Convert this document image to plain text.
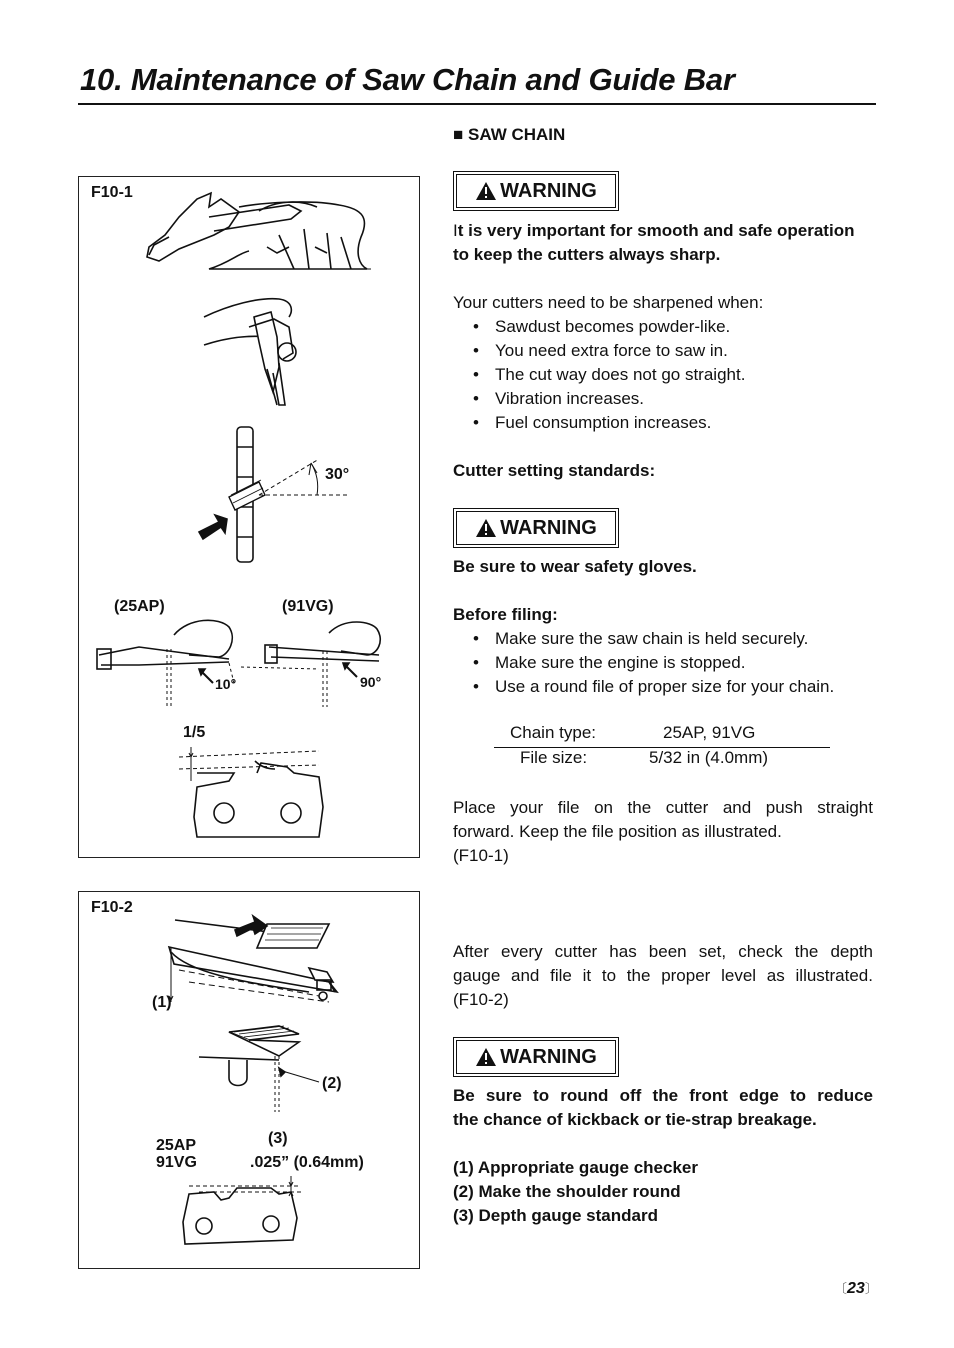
10. Maintenance of Saw Chain and Guide Bar
F10-1
30°
(25AP)	(91VG)
10°	90°
1/5
F10-2
(1)
(2)
(3)
25AP
91VG	.025” (0.64mm)
■ SAW CHAIN
WARNING
It is very important for smooth and safe operation to keep the cutters always sharp.
Your cutters need to be sharpened when:
• Sawdust becomes powder-like.
• You need extra force to saw in.
• The cut way does not go straight.
• Vibration increases.
• Fuel consumption increases.
Cutter setting standards:
WARNING
Be sure to wear safety gloves.
Before filing:
• Make sure the saw chain is held securely.
• Make sure the engine is stopped.
• Use a round file of proper size for your chain.
Chain type:	25AP, 91VG
File size:	5/32 in (4.0mm)
Place your file on the cutter and push straight
forward. Keep the file position as illustrated.
(F10-1)
After every cutter has been set, check the depth
gauge and file it to the proper level as illustrated.
(F10-2)
WARNING
Be sure to round off the front edge to reduce
the chance of kickback or tie-strap breakage.
(1) Appropriate gauge checker
(2) Make the shoulder round
(3) Depth gauge standard
〔23〕
